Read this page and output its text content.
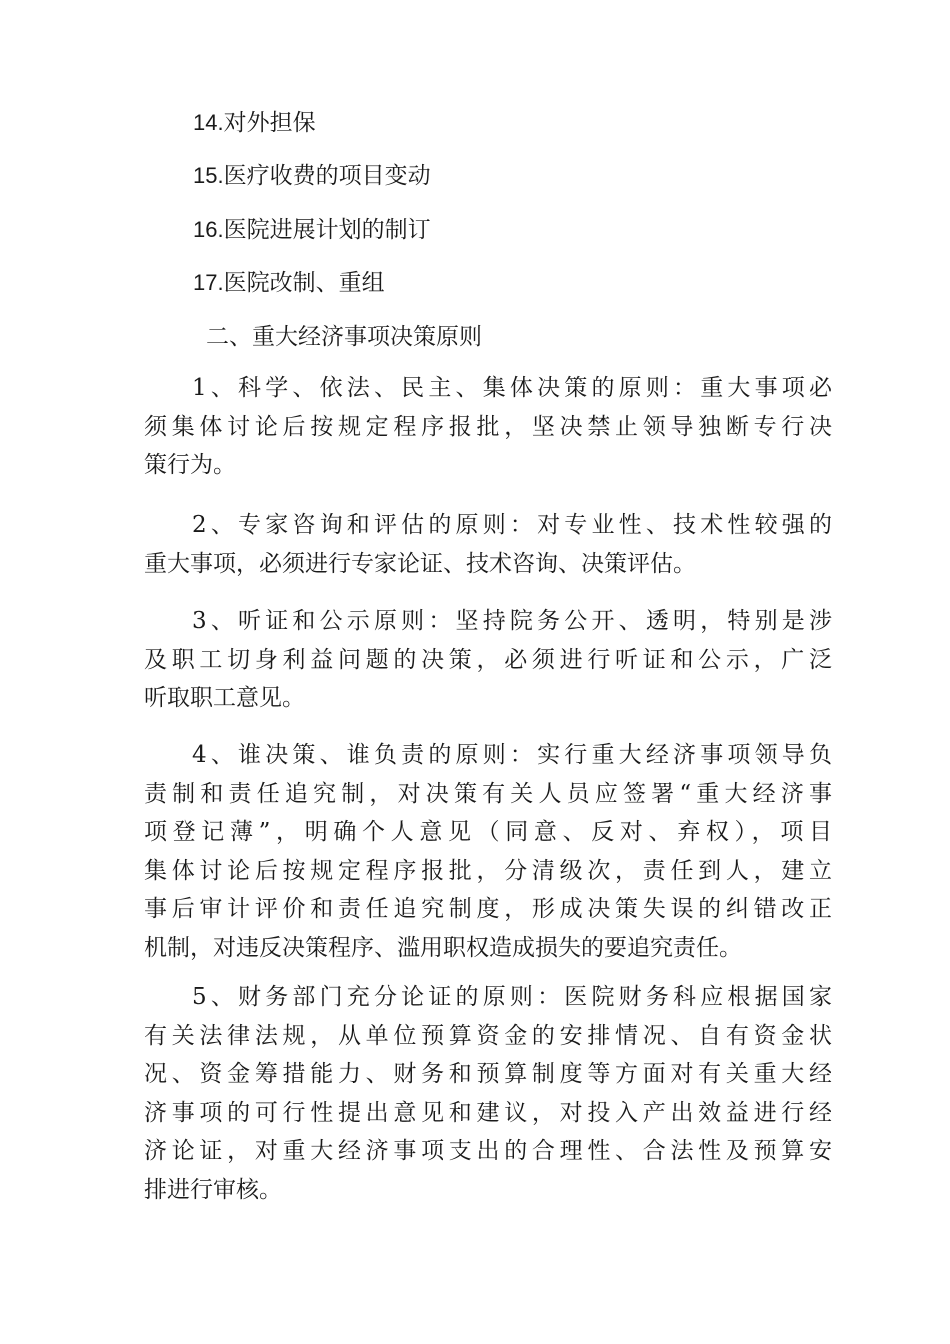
14.对外担保
15.医疗收费的项目变动
16.医院进展计划的制订
17.医院改制、重组
二、重大经济事项决策原则
1、科学、依法、民主、集体决策的原则：重大事项必
须集体讨论后按规定程序报批，坚决禁止领导独断专行决
策行为。
2、专家咨询和评估的原则：对专业性、技术性较强的
重大事项，必须进行专家论证、技术咨询、决策评估。
3、听证和公示原则：坚持院务公开、透明，特别是涉
及职工切身利益问题的决策，必须进行听证和公示，广泛
听取职工意见。
4、谁决策、谁负责的原则：实行重大经济事项领导负
责制和责任追究制，对决策有关人员应签署“重大经济事
项登记薄”，明确个人意见（同意、反对、弃权），项目
集体讨论后按规定程序报批，分清级次，责任到人，建立
事后审计评价和责任追究制度，形成决策失误的纠错改正
机制，对违反决策程序、滥用职权造成损失的要追究责任。
5、财务部门充分论证的原则：医院财务科应根据国家
有关法律法规，从单位预算资金的安排情况、自有资金状
况、资金筹措能力、财务和预算制度等方面对有关重大经
济事项的可行性提出意见和建议，对投入产出效益进行经
济论证，对重大经济事项支出的合理性、合法性及预算安
排进行审核。
